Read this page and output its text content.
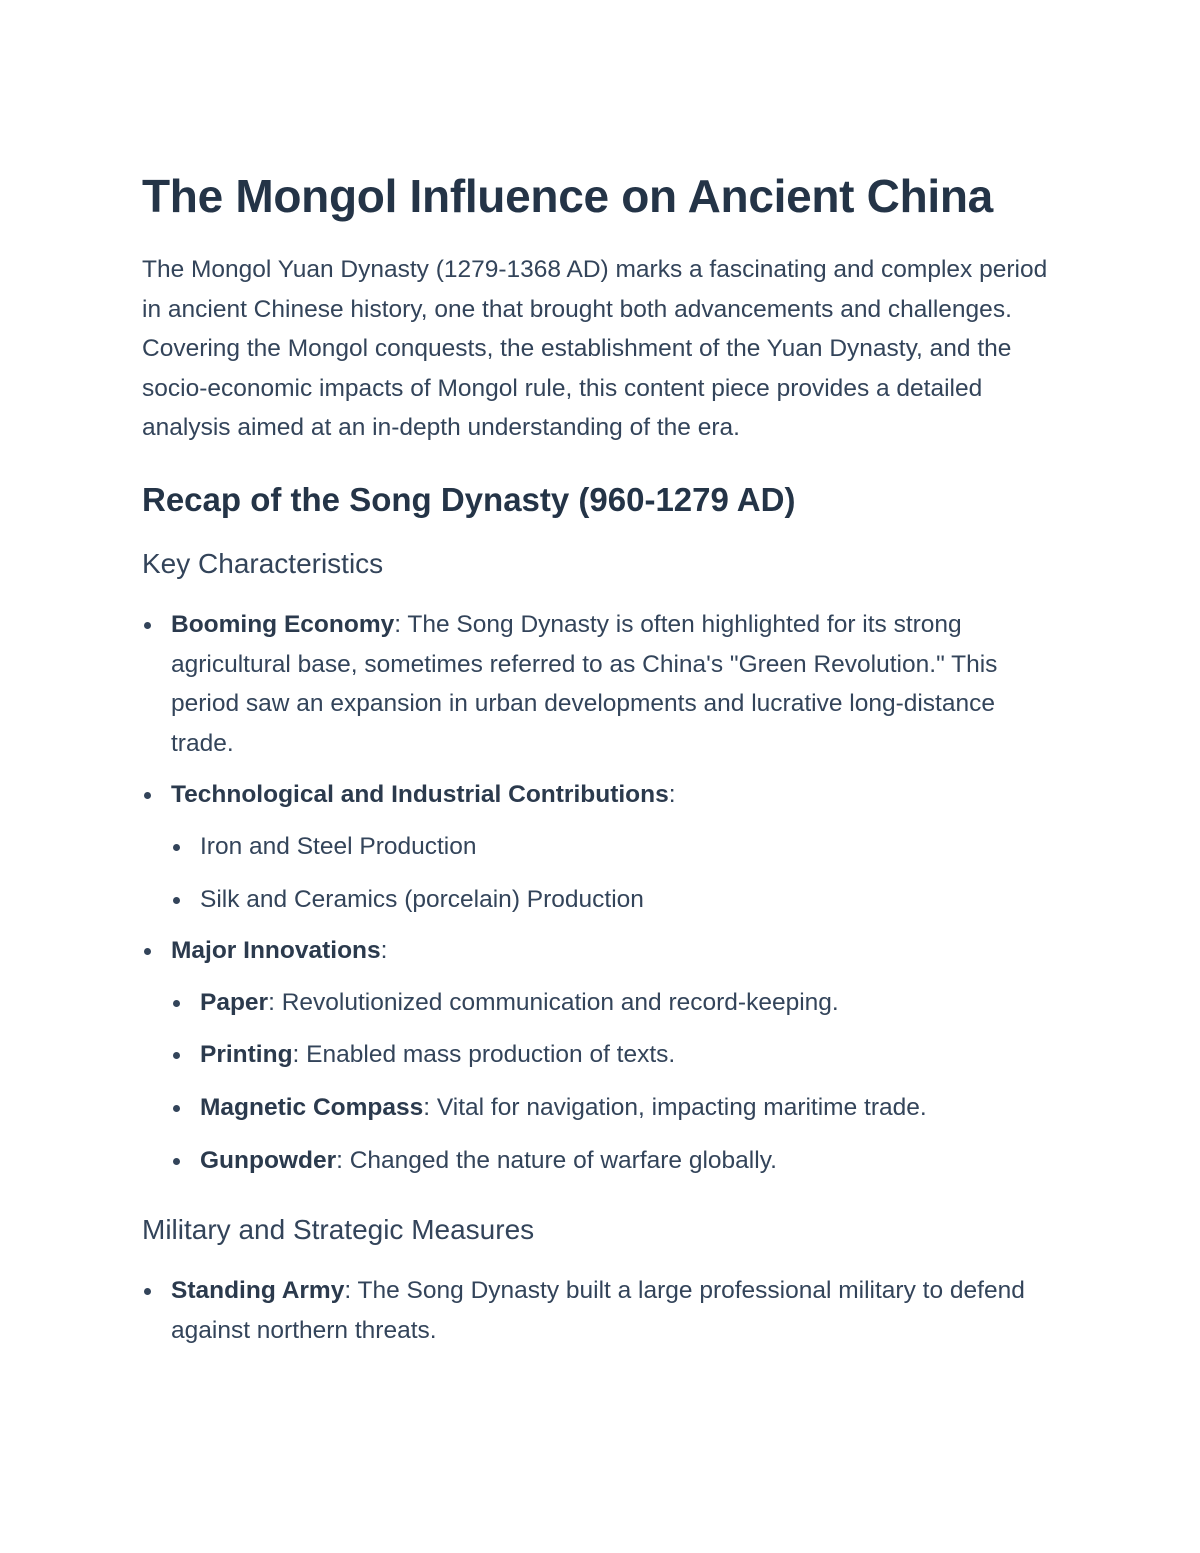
The Mongol Influence on Ancient China

The Mongol Yuan Dynasty (1279-1368 AD) marks a fascinating and complex period in ancient Chinese history, one that brought both advancements and challenges. Covering the Mongol conquests, the establishment of the Yuan Dynasty, and the socio-economic impacts of Mongol rule, this content piece provides a detailed analysis aimed at an in-depth understanding of the era.

Recap of the Song Dynasty (960-1279 AD)
Key Characteristics
Booming Economy: The Song Dynasty is often highlighted for its strong agricultural base, sometimes referred to as China's "Green Revolution." This period saw an expansion in urban developments and lucrative long-distance trade.
Technological and Industrial Contributions:
Iron and Steel Production
Silk and Ceramics (porcelain) Production
Major Innovations:
Paper: Revolutionized communication and record-keeping.
Printing: Enabled mass production of texts.
Magnetic Compass: Vital for navigation, impacting maritime trade.
Gunpowder: Changed the nature of warfare globally.
Military and Strategic Measures
Standing Army: The Song Dynasty built a large professional military to defend against northern threats.
